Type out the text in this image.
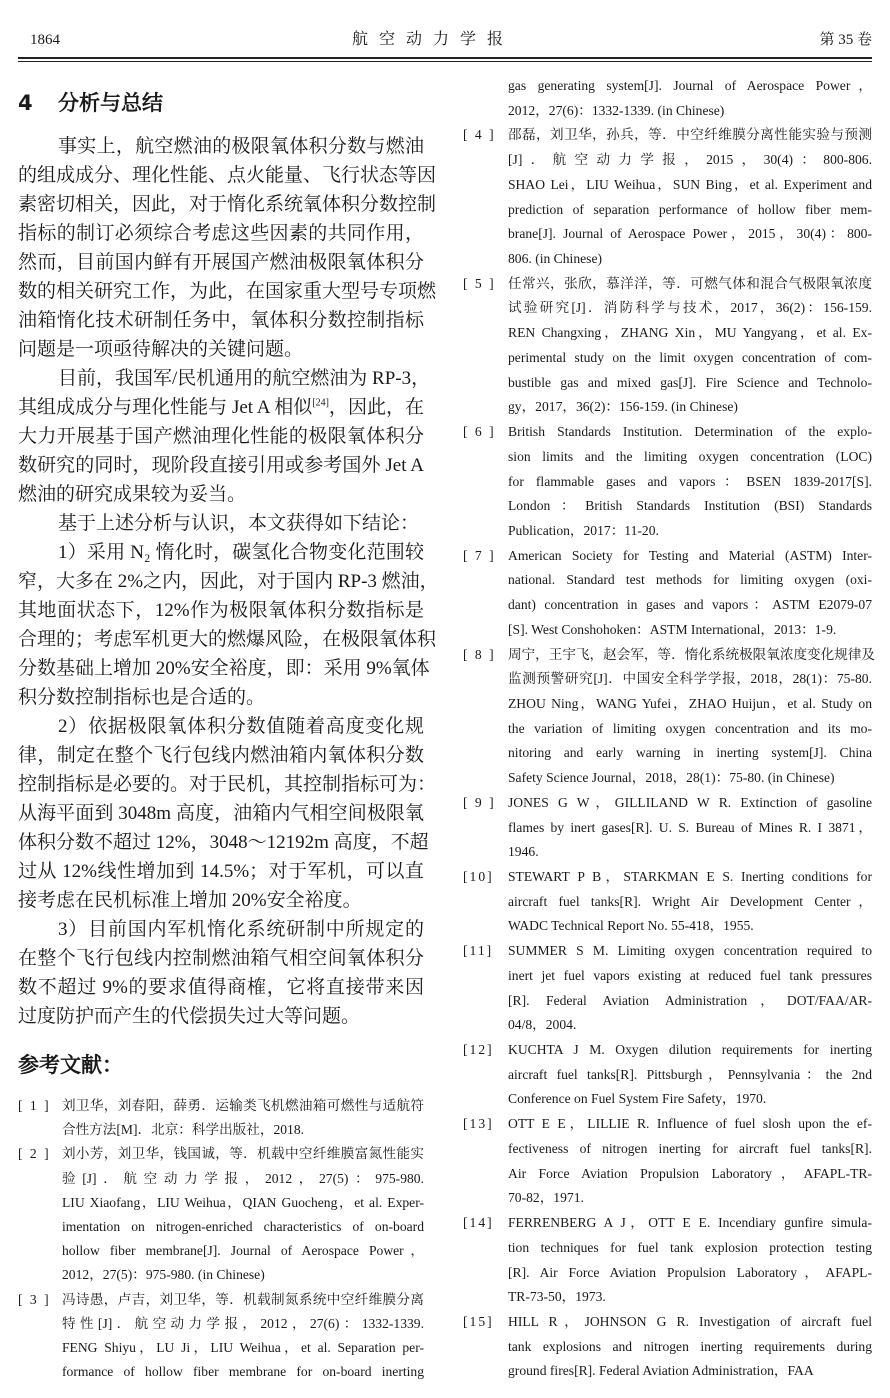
1864	航空动力学报	第 35 卷
4 分析与总结
事实上，航空燃油的极限氧体积分数与燃油
的组成成分、理化性能、点火能量、飞行状态等因
素密切相关，因此，对于惰化系统氧体积分数控制
指标的制订必须综合考虑这些因素的共同作用，
然而，目前国内鲜有开展国产燃油极限氧体积分
数的相关研究工作，为此，在国家重大型号专项燃
油箱惰化技术研制任务中，氧体积分数控制指标
问题是一项亟待解决的关键问题。
目前，我国军/民机通用的航空燃油为 RP-3，
其组成成分与理化性能与 Jet A 相似[24]，因此，在
大力开展基于国产燃油理化性能的极限氧体积分
数研究的同时，现阶段直接引用或参考国外 Jet A
燃油的研究成果较为妥当。
基于上述分析与认识，本文获得如下结论：
1）采用 N₂ 惰化时，碳氢化合物变化范围较
窄，大多在 2%之内，因此，对于国内 RP-3 燃油，
其地面状态下，12%作为极限氧体积分数指标是
合理的；考虑军机更大的燃爆风险，在极限氧体积
分数基础上增加 20%安全裕度，即：采用 9%氧体
积分数控制指标也是合适的。
2）依据极限氧体积分数值随着高度变化规
律，制定在整个飞行包线内燃油箱内氧体积分数
控制指标是必要的。对于民机，其控制指标可为：
从海平面到 3048m 高度，油箱内气相空间极限氧
体积分数不超过 12%，3048～12192m 高度，不超
过从 12%线性增加到 14.5%；对于军机，可以直
接考虑在民机标准上增加 20%安全裕度。
3）目前国内军机惰化系统研制中所规定的
在整个飞行包线内控制燃油箱气相空间氧体积分
数不超过 9%的要求值得商榷，它将直接带来因
过度防护而产生的代偿损失过大等问题。
参考文献：
[ 1 ] 刘卫华，刘春阳，薛勇．运输类飞机燃油箱可燃性与适航符
合性方法[M]．北京：科学出版社，2018.
[ 2 ] 刘小芳，刘卫华，钱国诚，等．机载中空纤维膜富氮性能实
验[J]．航空动力学报，2012，27(5)：975-980.
LIU Xiaofang，LIU Weihua，QIAN Guocheng，et al. Exper-
imentation on nitrogen-enriched characteristics of on-board
hollow fiber membrane[J]. Journal of Aerospace Power，
2012，27(5)：975-980. (in Chinese)
[ 3 ] 冯诗愚，卢吉，刘卫华，等．机载制氮系统中空纤维膜分离
特性[J]．航空动力学报，2012，27(6)：1332-1339.
FENG Shiyu，LU Ji，LIU Weihua，et al. Separation per-
formance of hollow fiber membrane for on-board inerting
gas generating system[J]. Journal of Aerospace Power，
2012，27(6)：1332-1339. (in Chinese)
[ 4 ] 邵磊，刘卫华，孙兵，等．中空纤维膜分离性能实验与预测
[J]．航空动力学报，2015，30(4)：800-806.
SHAO Lei，LIU Weihua，SUN Bing，et al. Experiment and
prediction of separation performance of hollow fiber mem-
brane[J]. Journal of Aerospace Power，2015，30(4)：800-
806. (in Chinese)
[ 5 ] 任常兴，张欣，慕洋洋，等．可燃气体和混合气极限氧浓度
试验研究[J]．消防科学与技术，2017，36(2)：156-159.
REN Changxing，ZHANG Xin，MU Yangyang，et al. Ex-
perimental study on the limit oxygen concentration of com-
bustible gas and mixed gas[J]. Fire Science and Technolo-
gy，2017，36(2)：156-159. (in Chinese)
[ 6 ] British Standards Institution. Determination of the explo-
sion limits and the limiting oxygen concentration (LOC)
for flammable gases and vapors：BSEN 1839-2017[S].
London：British Standards Institution (BSI) Standards
Publication，2017：11-20.
[ 7 ] American Society for Testing and Material (ASTM) Inter-
national. Standard test methods for limiting oxygen (oxi-
dant) concentration in gases and vapors：ASTM E2079-07
[S]. West Conshohoken：ASTM International，2013：1-9.
[ 8 ] 周宁，王宇飞，赵会军，等．惰化系统极限氧浓度变化规律及
监测预警研究[J]．中国安全科学学报，2018，28(1)：75-80.
ZHOU Ning，WANG Yufei，ZHAO Huijun，et al. Study on
the variation of limiting oxygen concentration and its mo-
nitoring and early warning in inerting system[J]. China
Safety Science Journal，2018，28(1)：75-80. (in Chinese)
[ 9 ] JONES G W，GILLILAND W R. Extinction of gasoline
flames by inert gases[R]. U. S. Bureau of Mines R. I 3871，
1946.
[10] STEWART P B，STARKMAN E S. Inerting conditions for
aircraft fuel tanks[R]. Wright Air Development Center，
WADC Technical Report No. 55-418，1955.
[11] SUMMER S M. Limiting oxygen concentration required to
inert jet fuel vapors existing at reduced fuel tank pressures
[R]. Federal Aviation Administration，DOT/FAA/AR-
04/8，2004.
[12] KUCHTA J M. Oxygen dilution requirements for inerting
aircraft fuel tanks[R]. Pittsburgh，Pennsylvania：the 2nd
Conference on Fuel System Fire Safety，1970.
[13] OTT E E，LILLIE R. Influence of fuel slosh upon the ef-
fectiveness of nitrogen inerting for aircraft fuel tanks[R].
Air Force Aviation Propulsion Laboratory，AFAPL-TR-
70-82，1971.
[14] FERRENBERG A J，OTT E E. Incendiary gunfire simula-
tion techniques for fuel tank explosion protection testing
[R]. Air Force Aviation Propulsion Laboratory，AFAPL-
TR-73-50，1973.
[15] HILL R，JOHNSON G R. Investigation of aircraft fuel
tank explosions and nitrogen inerting requirements during
ground fires[R]. Federal Aviation Administration，FAA
